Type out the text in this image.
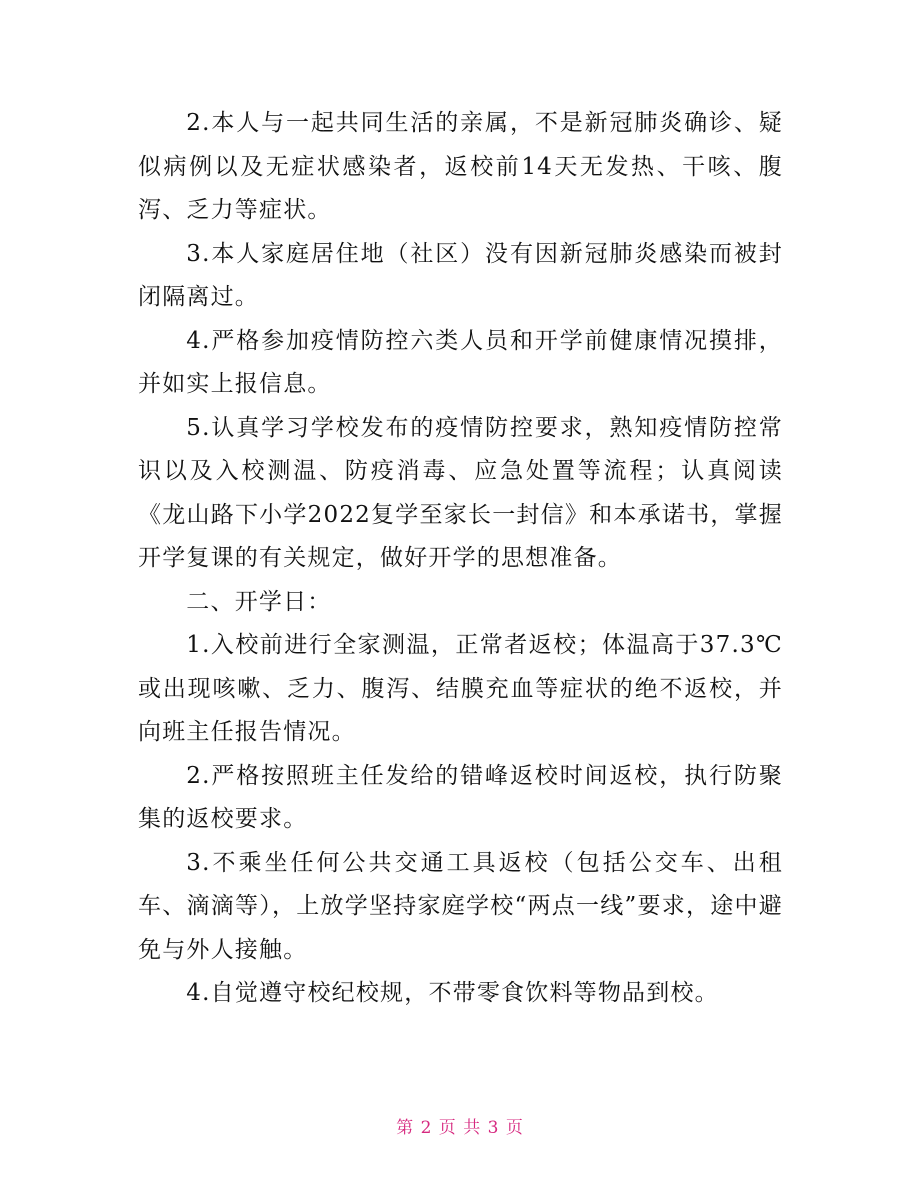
2.本人与一起共同生活的亲属，不是新冠肺炎确诊、疑似病例以及无症状感染者，返校前14天无发热、干咳、腹泻、乏力等症状。

3.本人家庭居住地（社区）没有因新冠肺炎感染而被封闭隔离过。

4.严格参加疫情防控六类人员和开学前健康情况摸排，并如实上报信息。

5.认真学习学校发布的疫情防控要求，熟知疫情防控常识以及入校测温、防疫消毒、应急处置等流程；认真阅读《龙山路下小学2022复学至家长一封信》和本承诺书，掌握开学复课的有关规定，做好开学的思想准备。

二、开学日：

1.入校前进行全家测温，正常者返校；体温高于37.3℃或出现咳嗽、乏力、腹泻、结膜充血等症状的绝不返校，并向班主任报告情况。

2.严格按照班主任发给的错峰返校时间返校，执行防聚集的返校要求。

3.不乘坐任何公共交通工具返校（包括公交车、出租车、滴滴等），上放学坚持家庭学校“两点一线”要求，途中避免与外人接触。

4.自觉遵守校纪校规，不带零食饮料等物品到校。

第 2 页 共 3 页
